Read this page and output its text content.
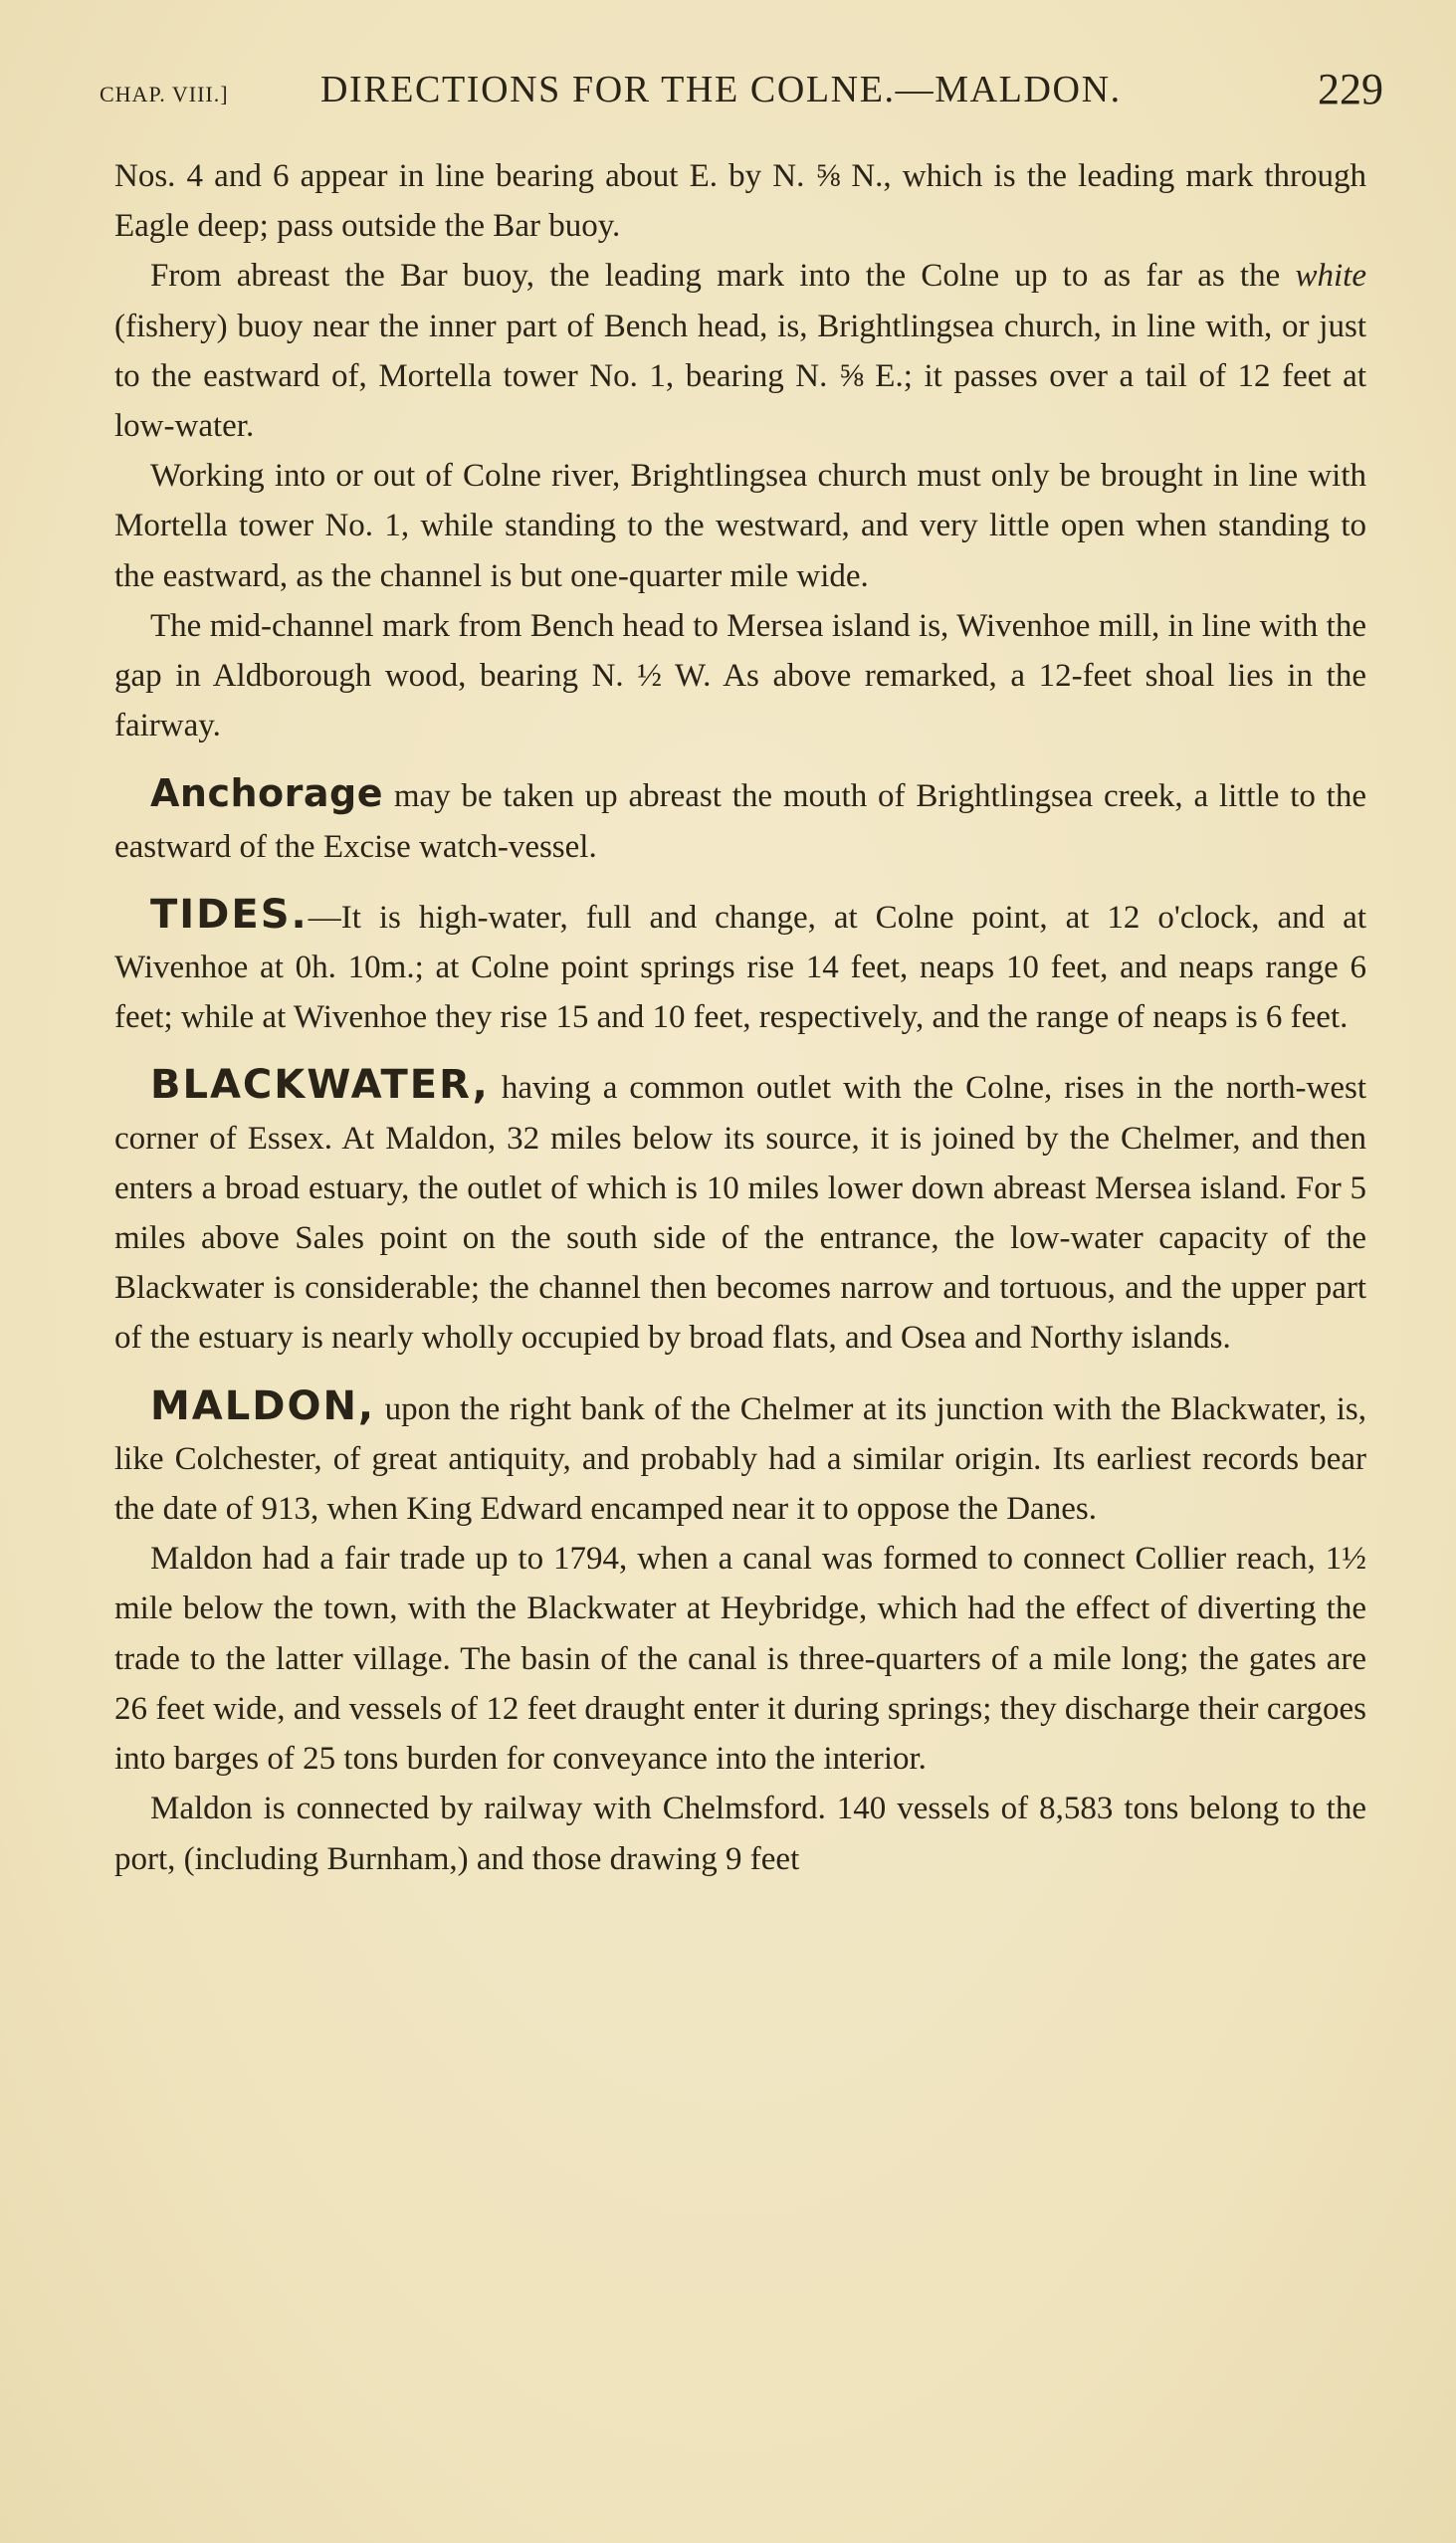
CHAP. VIII.] DIRECTIONS FOR THE COLNE.—MALDON.	229

Nos. 4 and 6 appear in line bearing about E. by N. ⅝ N., which is the leading mark through Eagle deep; pass outside the Bar buoy.

From abreast the Bar buoy, the leading mark into the Colne up to as far as the white (fishery) buoy near the inner part of Bench head, is, Brightlingsea church, in line with, or just to the eastward of, Mortella tower No. 1, bearing N. ⅝ E.; it passes over a tail of 12 feet at low-water.

Working into or out of Colne river, Brightlingsea church must only be brought in line with Mortella tower No. 1, while standing to the westward, and very little open when standing to the eastward, as the channel is but one-quarter mile wide.

The mid-channel mark from Bench head to Mersea island is, Wivenhoe mill, in line with the gap in Aldborough wood, bearing N. ½ W. As above remarked, a 12-feet shoal lies in the fairway.

Anchorage may be taken up abreast the mouth of Brightlingsea creek, a little to the eastward of the Excise watch-vessel.

TIDES.—It is high-water, full and change, at Colne point, at 12 o'clock, and at Wivenhoe at 0h. 10m.; at Colne point springs rise 14 feet, neaps 10 feet, and neaps range 6 feet; while at Wivenhoe they rise 15 and 10 feet, respectively, and the range of neaps is 6 feet.

BLACKWATER, having a common outlet with the Colne, rises in the north-west corner of Essex. At Maldon, 32 miles below its source, it is joined by the Chelmer, and then enters a broad estuary, the outlet of which is 10 miles lower down abreast Mersea island. For 5 miles above Sales point on the south side of the entrance, the low-water capacity of the Blackwater is considerable; the channel then becomes narrow and tortuous, and the upper part of the estuary is nearly wholly occupied by broad flats, and Osea and Northy islands.

MALDON, upon the right bank of the Chelmer at its junction with the Blackwater, is, like Colchester, of great antiquity, and probably had a similar origin. Its earliest records bear the date of 913, when King Edward encamped near it to oppose the Danes.

Maldon had a fair trade up to 1794, when a canal was formed to connect Collier reach, 1½ mile below the town, with the Blackwater at Heybridge, which had the effect of diverting the trade to the latter village. The basin of the canal is three-quarters of a mile long; the gates are 26 feet wide, and vessels of 12 feet draught enter it during springs; they discharge their cargoes into barges of 25 tons burden for conveyance into the interior.

Maldon is connected by railway with Chelmsford. 140 vessels of 8,583 tons belong to the port, (including Burnham,) and those drawing 9 feet
